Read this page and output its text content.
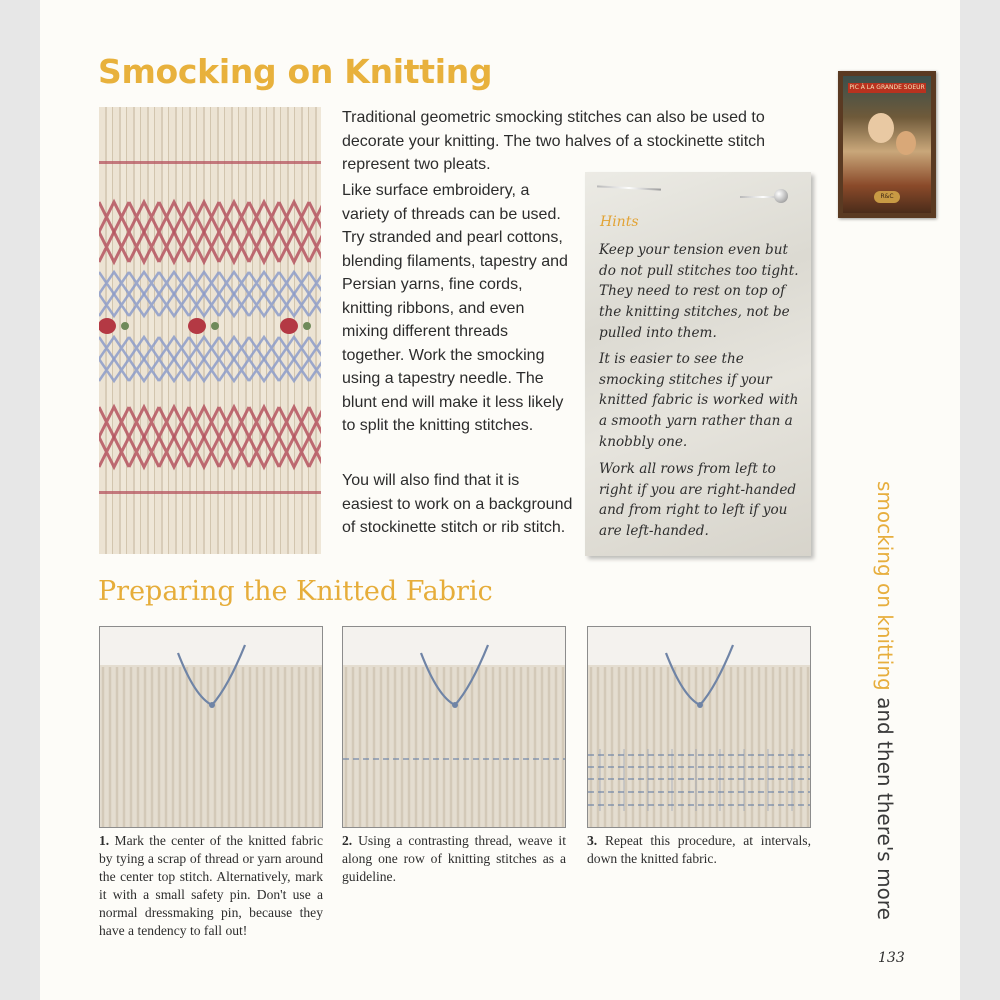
Smocking on Knitting

Traditional geometric smocking stitches can also be used to decorate your knitting. The two halves of a stockinette stitch represent two pleats.

Like surface embroidery, a variety of threads can be used. Try stranded and pearl cottons, blending filaments, tapestry and Persian yarns, fine cords, knitting ribbons, and even mixing different threads together. Work the smocking using a tapestry needle. The blunt end will make it less likely to split the knitting stitches.

You will also find that it is easiest to work on a background of stockinette stitch or rib stitch.

Hints

Keep your tension even but do not pull stitches too tight. They need to rest on top of the knitting stitches, not be pulled into them.

It is easier to see the smocking stitches if your knitted fabric is worked with a smooth yarn rather than a knobbly one.

Work all rows from left to right if you are right-handed and from right to left if you are left-handed.

PIC À LA GRANDE SOEUR
R&C
Preparing the Knitted Fabric

1. Mark the center of the knitted fabric by tying a scrap of thread or yarn around the center top stitch. Alternatively, mark it with a small safety pin. Don't use a normal dressmaking pin, because they have a tendency to fall out!

2. Using a contrasting thread, weave it along one row of knitting stitches as a guideline.

3. Repeat this procedure, at intervals, down the knitted fabric.

smocking on knitting and then there's more
133
